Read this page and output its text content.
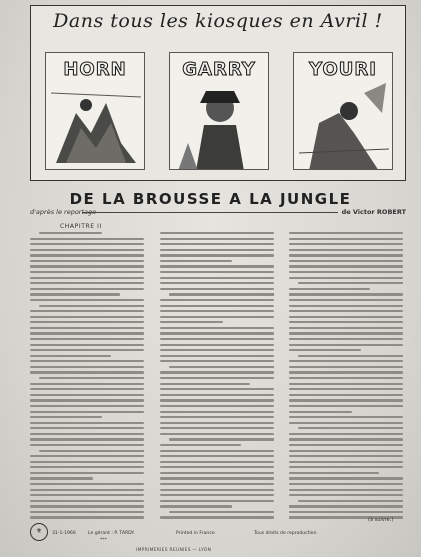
Dans tous les kiosques en Avril !
HORN	GARRY	YOURI
DE LA BROUSSE A LA JUNGLE
d'après le reportage	de Victor ROBERT
CHAPITRE II
(à suivre.)
⚜	31-1-1966	Le gérant : P. TARDY.
***
Printed in France	Tous droits de reproduction
IMPRIMERIES REUNIES — LYON
